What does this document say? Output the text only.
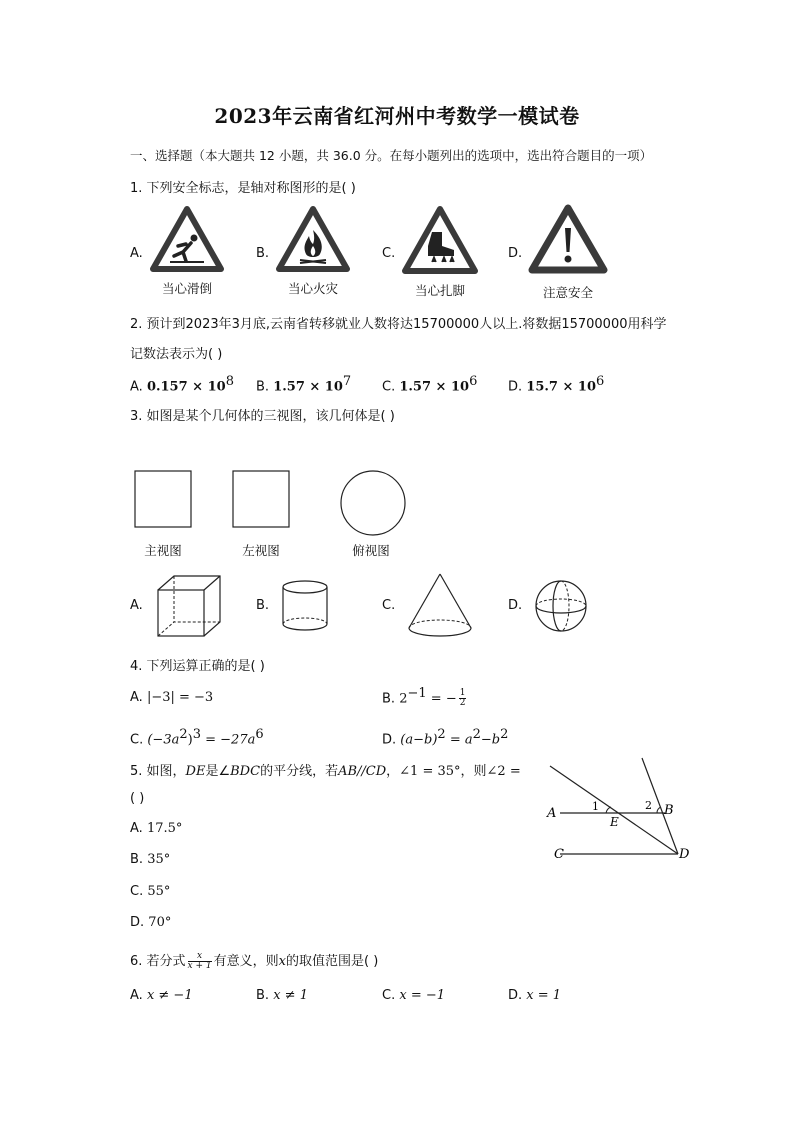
2023年云南省红河州中考数学一模试卷
一、选择题（本大题共 12 小题，共 36.0 分。在每小题列出的选项中，选出符合题目的一项）
1. 下列安全标志，是轴对称图形的是( )
A.
当心滑倒
B.
当心火灾
C.
当心扎脚
D.
注意安全
2. 预计到2023年3月底,云南省转移就业人数将达15700000人以上.将数据15700000用科学
记数法表示为( )
A. $0.157 \times 10^8$ B. $1.57 \times 10^7$ C. $1.57 \times 10^6$ D. $15.7 \times 10^6$
3. 如图是某个几何体的三视图，该几何体是( )
主视图	左视图	俯视图
A.	B.	C.	D.
4. 下列运算正确的是( )
A. |−3| = −3	B. $2^{-1}$ = − $\frac{1}{2}$
C. $(-3a^2)^3 = -27a^6$	D. $(a-b)^2 = a^2-b^2$
5. 如图，DE是∠BDC的平分线，若AB//CD，∠1 = 35°，则∠2 =
( )
A. 17.5°
B. 35°
C. 55°
D. 70°
A	B
C	D
E
1	2
6. 若分式 $\frac{x}{x + 1}$ 有意义，则x的取值范围是( )
A. x ≠ −1	B. x ≠ 1	C. x = −1	D. x = 1
